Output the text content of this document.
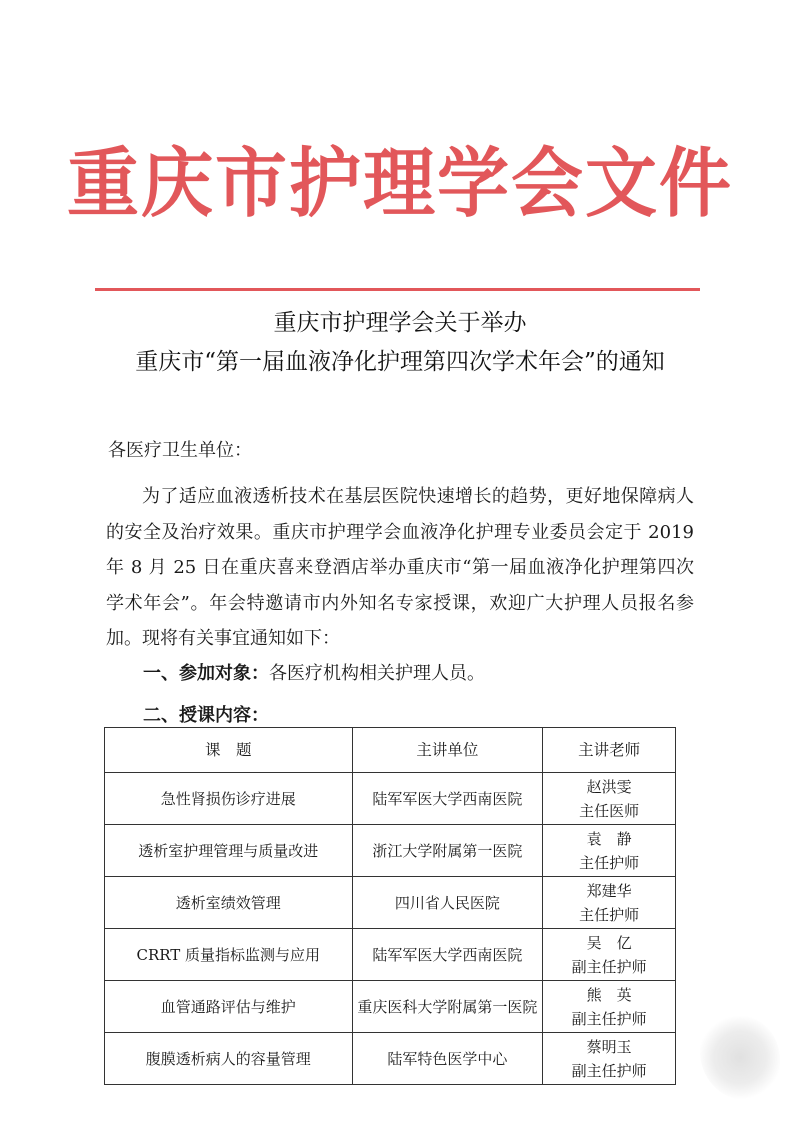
重庆市护理学会文件
重庆市护理学会关于举办
重庆市“第一届血液净化护理第四次学术年会”的通知
各医疗卫生单位：
为了适应血液透析技术在基层医院快速增长的趋势，更好地保障病人的安全及治疗效果。重庆市护理学会血液净化护理专业委员会定于 2019 年 8 月 25 日在重庆喜来登酒店举办重庆市“第一届血液净化护理第四次学术年会”。年会特邀请市内外知名专家授课，欢迎广大护理人员报名参加。现将有关事宜通知如下：
一、参加对象：各医疗机构相关护理人员。
二、授课内容：
课　题	主讲单位	主讲老师
急性肾损伤诊疗进展	陆军军医大学西南医院	赵洪雯
主任医师

透析室护理管理与质量改进	浙江大学附属第一医院	袁　静
主任护师

透析室绩效管理	四川省人民医院	郑建华
主任护师

CRRT 质量指标监测与应用	陆军军医大学西南医院	吴　亿
副主任护师

血管通路评估与维护	重庆医科大学附属第一医院	熊　英
副主任护师

腹膜透析病人的容量管理	陆军特色医学中心	蔡明玉
副主任护师
